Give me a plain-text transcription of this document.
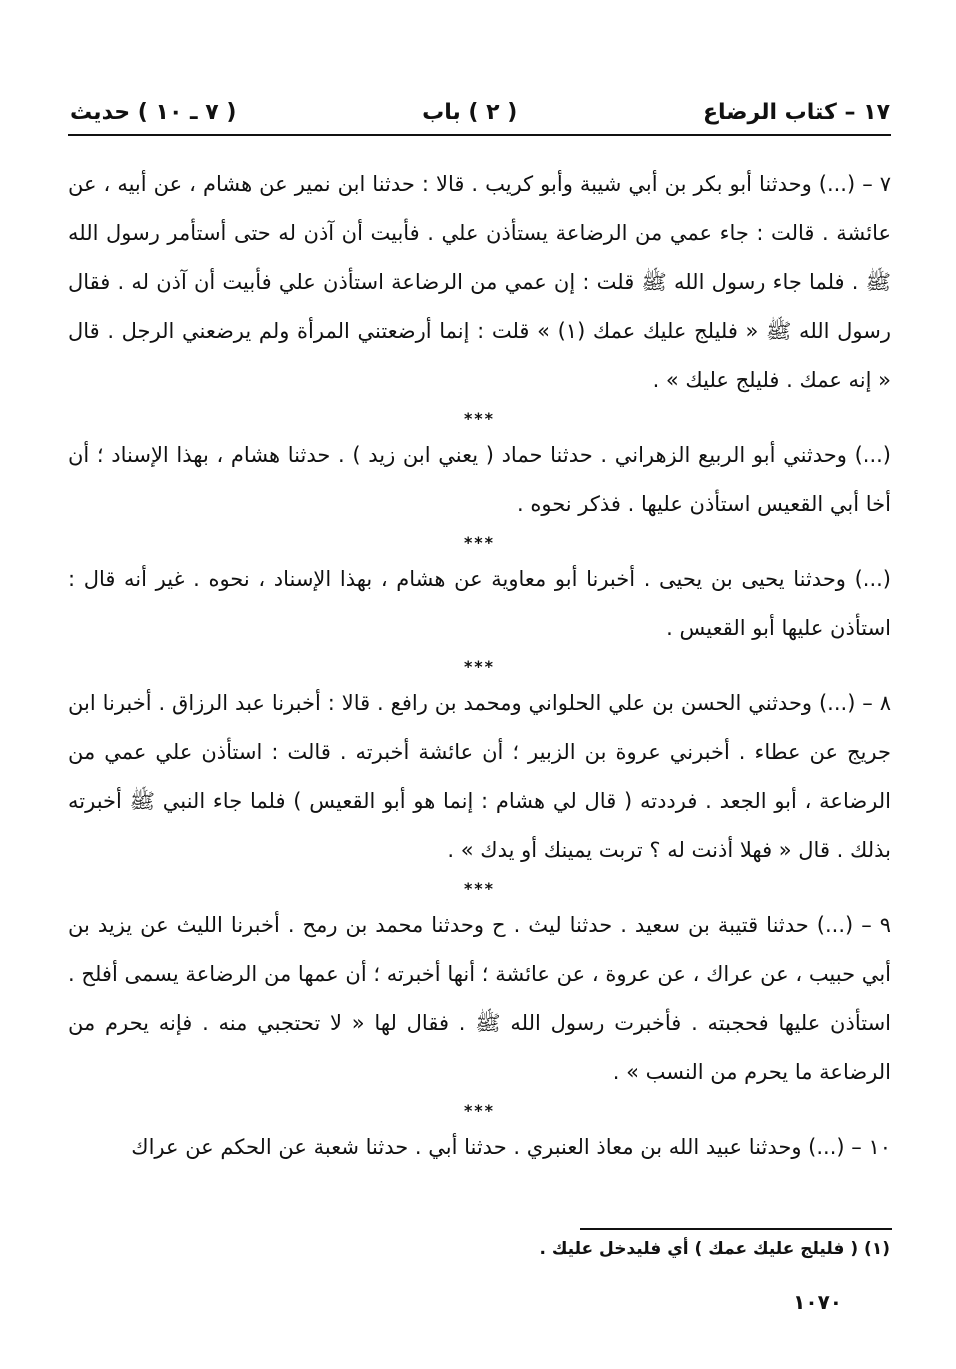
١٧ – كتاب الرضاع
( ٢ ) باب
( ٧ ـ ١٠ ) حديث

٧ – (...) وحدثنا أبو بكر بن أبي شيبة وأبو كريب . قالا : حدثنا ابن نمير عن هشام ، عن أبيه ، عن عائشة . قالت : جاء عمي من الرضاعة يستأذن علي . فأبيت أن آذن له حتى أستأمر رسول الله ﷺ . فلما جاء رسول الله ﷺ قلت : إن عمي من الرضاعة استأذن علي فأبيت أن آذن له . فقال رسول الله ﷺ « فليلج عليك عمك (١) » قلت : إنما أرضعتني المرأة ولم يرضعني الرجل . قال « إنه عمك . فليلج عليك » .

***

(...) وحدثني أبو الربيع الزهراني . حدثنا حماد ( يعني ابن زيد ) . حدثنا هشام ، بهذا الإسناد ؛ أن أخا أبي القعيس استأذن عليها . فذكر نحوه .

***

(...) وحدثنا يحيى بن يحيى . أخبرنا أبو معاوية عن هشام ، بهذا الإسناد ، نحوه . غير أنه قال : استأذن عليها أبو القعيس .

***

٨ – (...) وحدثني الحسن بن علي الحلواني ومحمد بن رافع . قالا : أخبرنا عبد الرزاق . أخبرنا ابن جريج عن عطاء . أخبرني عروة بن الزبير ؛ أن عائشة أخبرته . قالت : استأذن علي عمي من الرضاعة ، أبو الجعد . فرددته ( قال لي هشام : إنما هو أبو القعيس ) فلما جاء النبي ﷺ أخبرته بذلك . قال « فهلا أذنت له ؟ تربت يمينك أو يدك » .

***

٩ – (...) حدثنا قتيبة بن سعيد . حدثنا ليث . ح وحدثنا محمد بن رمح . أخبرنا الليث عن يزيد بن أبي حبيب ، عن عراك ، عن عروة ، عن عائشة ؛ أنها أخبرته ؛ أن عمها من الرضاعة يسمى أفلح . استأذن عليها فحجبته . فأخبرت رسول الله ﷺ . فقال لها « لا تحتجبي منه . فإنه يحرم من الرضاعة ما يحرم من النسب » .

***

١٠ – (...) وحدثنا عبيد الله بن معاذ العنبري . حدثنا أبي . حدثنا شعبة عن الحكم عن عراك

(١) ( فليلج عليك عمك ) أي فليدخل عليك .
١٠٧٠
